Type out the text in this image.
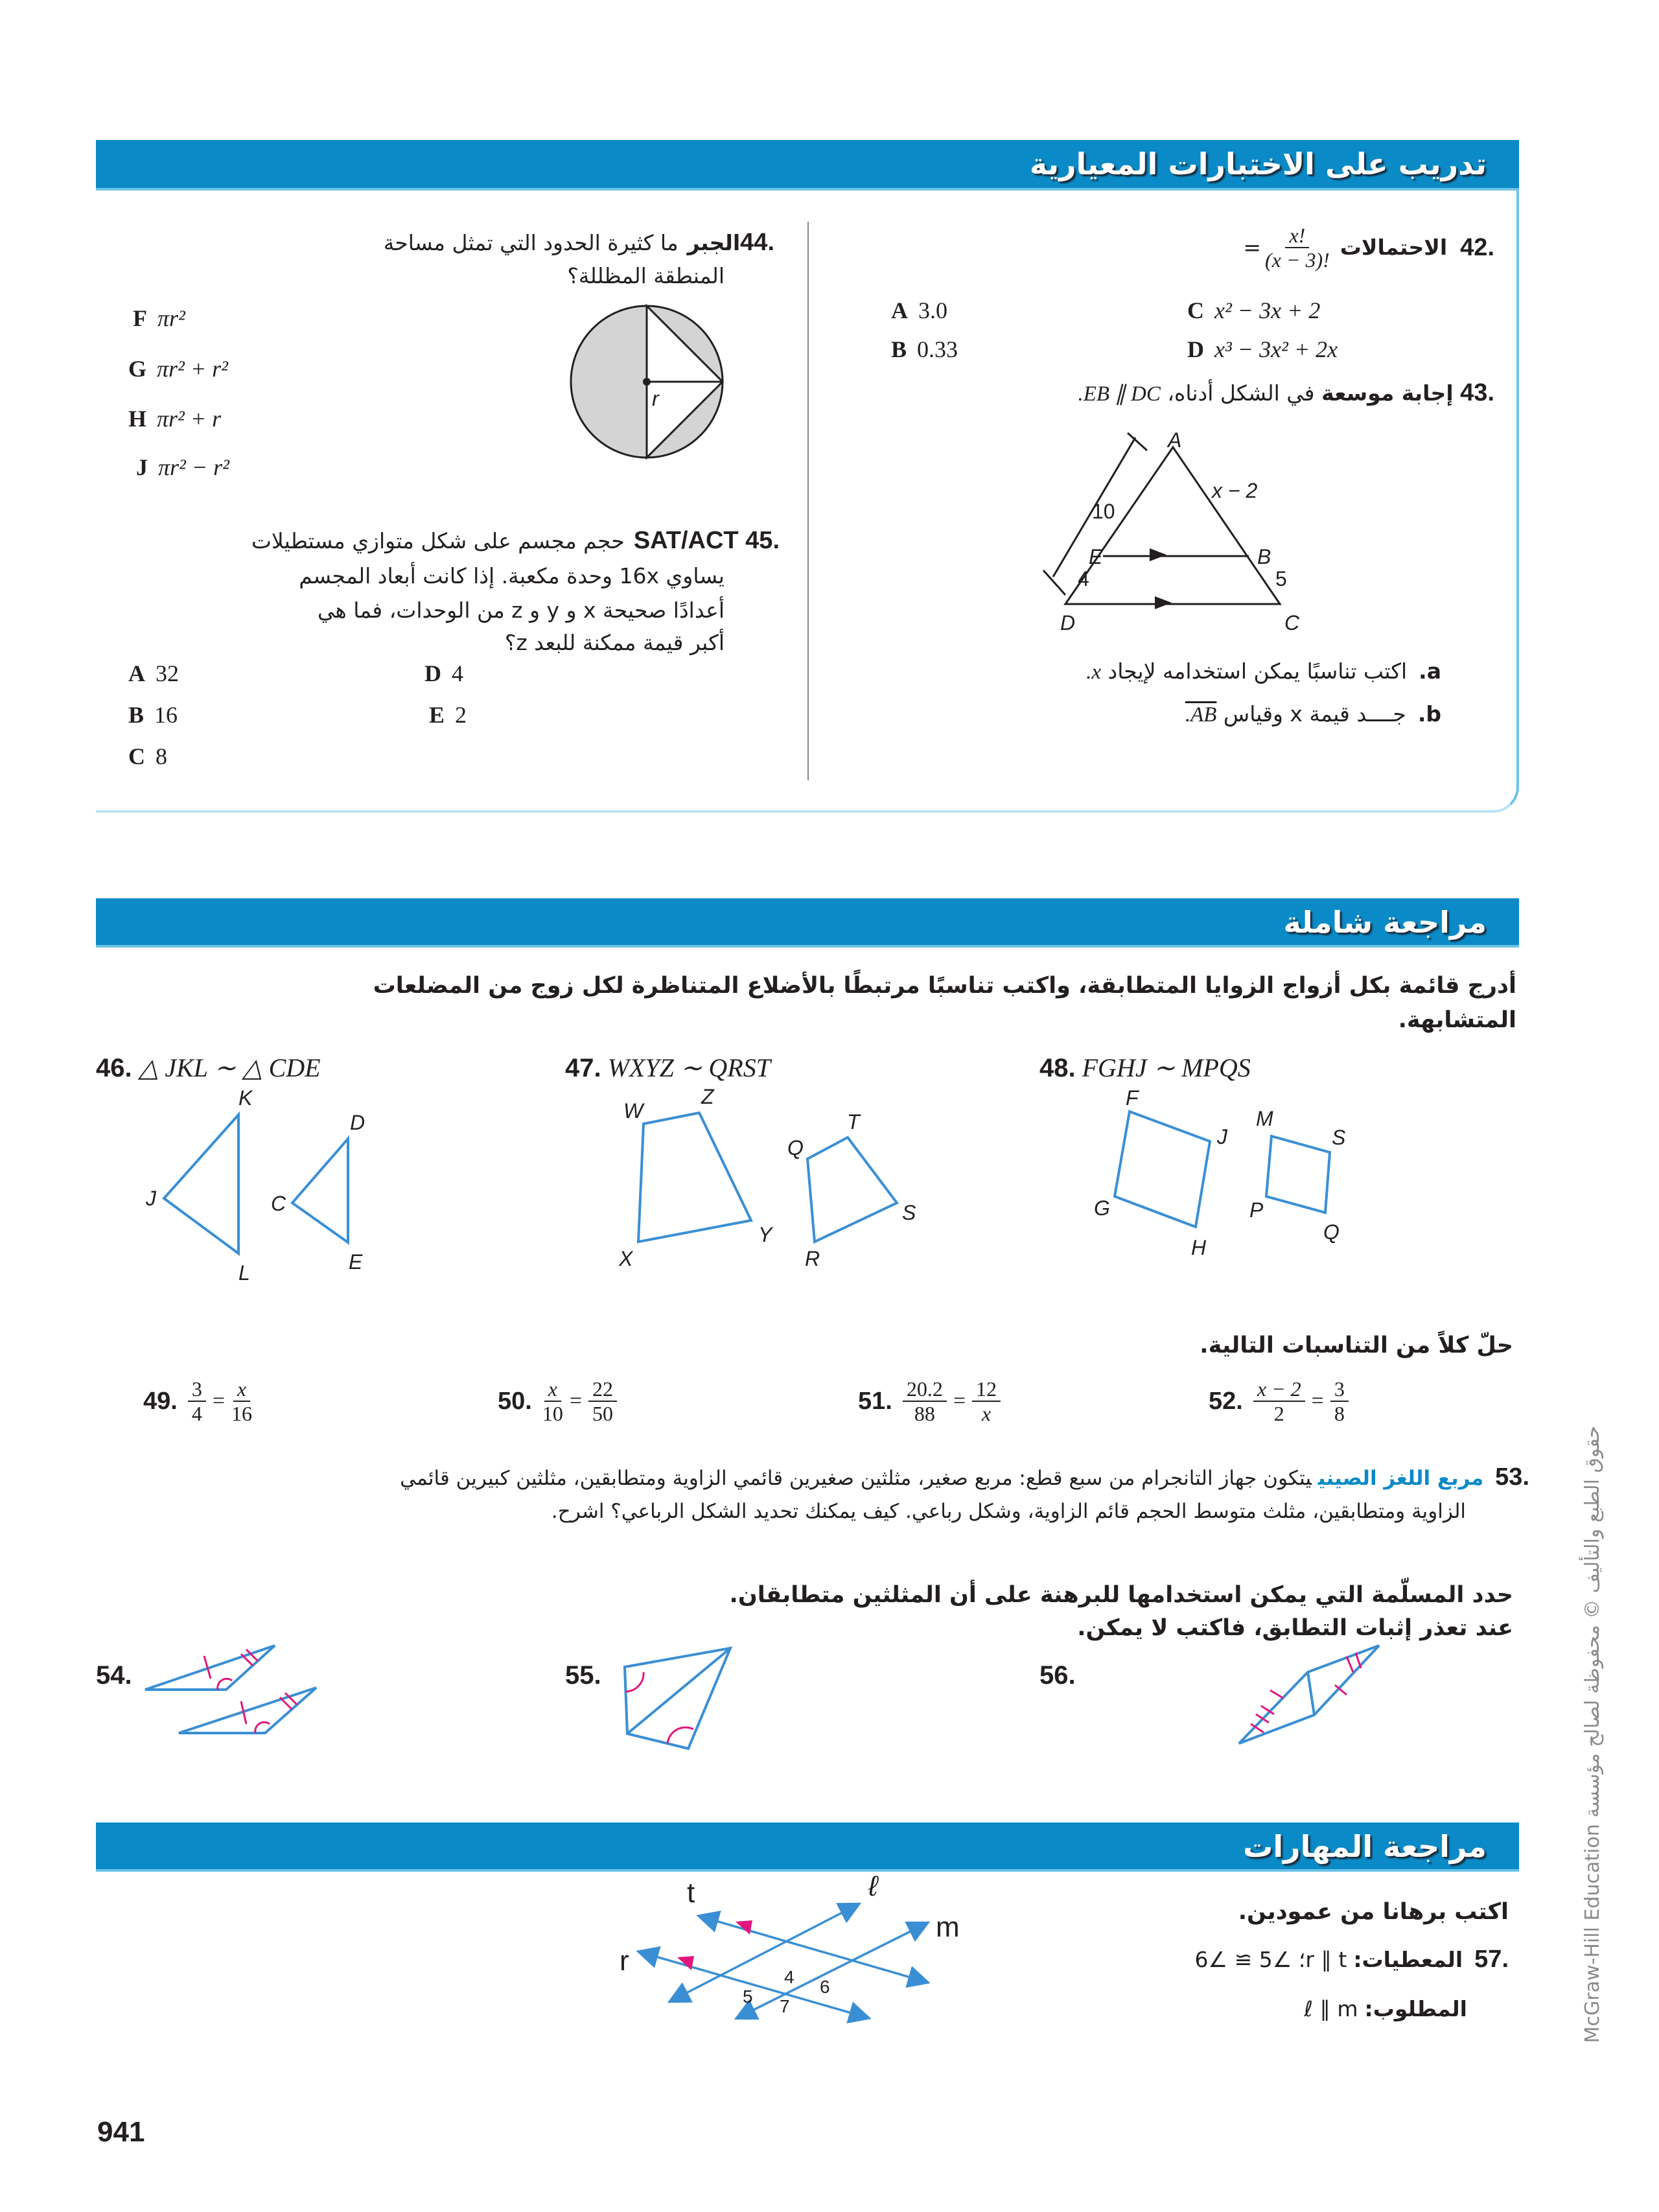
تدريب على الاختبارات المعيارية
.42
الاحتمالات
$\frac{x!}{(x - 3)!}$
=
A 3.0
B 0.33
C x² − 3x + 2
D x³ − 3x² + 2x
.43 إجابة موسعة في الشكل أدناه، EB ∥ DC.
A
E	B
D	C
10
4	5
x − 2
a.اكتب تناسبًا يمكن استخدامه لإيجاد x.
b.جــــد قيمة x وقياس AB.
.44الجبرما كثيرة الحدود التي تمثل مساحة
المنطقة المظللة؟
r
F πr²
G πr² + r²
H πr² + r
J πr² − r²
.45 SAT/ACTحجم مجسم على شكل متوازي مستطيلات
يساوي 16x وحدة مكعبة. إذا كانت أبعاد المجسم
أعدادًا صحيحة x و y و z من الوحدات، فما هي
أكبر قيمة ممكنة للبعد z؟
A 32
B 16
C 8
D 4
E 2
مراجعة شاملة
أدرج قائمة بكل أزواج الزوايا المتطابقة، واكتب تناسبًا مرتبطًا بالأضلاع المتناظرة لكل زوج من المضلعات
المتشابهة.
46. △ JKL ∼ △ CDE	47. WXYZ ∼ QRST	48. FGHJ ∼ MPQS
K
J
L
D
C
E
W
Z
Y
X
Q
T
S
R
F
J
G
H
M
S
P
Q
حلّ كلاً من التناسبات التالية.
49. $\frac{3}{4} = \frac{x}{16}$	50. $\frac{x}{10} = \frac{22}{50}$	51. $\frac{20.2}{88} = \frac{12}{x}$	52. $\frac{x - 2}{2} = \frac{3}{8}$
.53مربع اللغز الصينييتكون جهاز التانجرام من سبع قطع: مربع صغير، مثلثين صغيرين قائمي الزاوية ومتطابقين، مثلثين كبيرين قائمي
الزاوية ومتطابقين، مثلث متوسط الحجم قائم الزاوية، وشكل رباعي. كيف يمكنك تحديد الشكل الرباعي؟ اشرح.
حدد المسلّمة التي يمكن استخدامها للبرهنة على أن المثلثين متطابقان.
عند تعذر إثبات التطابق، فاكتب لا يمكن.
54.	55.	56.
مراجعة المهارات
اكتب برهانا من عمودين.
.57المعطيات:r ∥ t؛ ∠5 ≅ ∠6
المطلوب:ℓ ∥ m
t	ℓ
m
r
4 6
5 7
941
حقوق الطبع والتأليف © محفوظة لصالح مؤسسة McGraw-Hill Education
